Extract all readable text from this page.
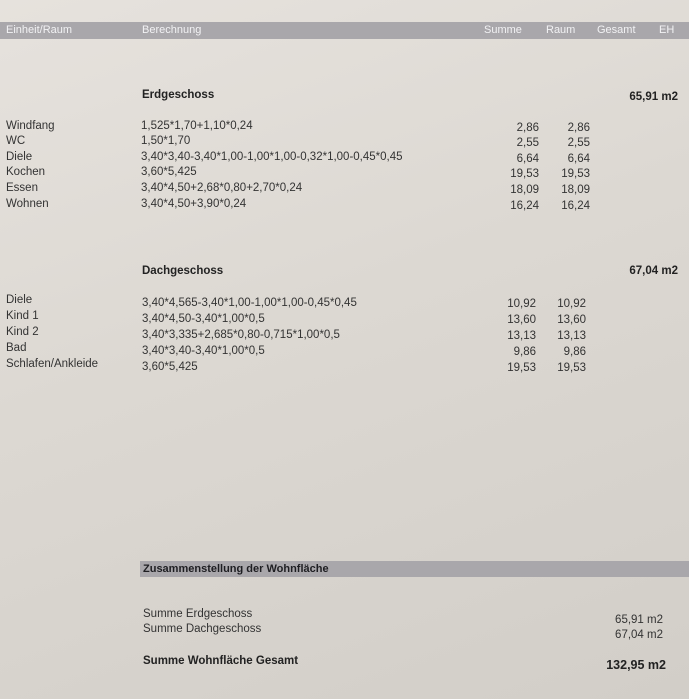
Einheit/Raum	Berechnung	Summe Raum Gesamt EH
Erdgeschoss	65,91 m2
Windfang	1,525*1,70+1,10*0,24	2,86	2,86
WC	1,50*1,70	2,55	2,55
Diele	3,40*3,40-3,40*1,00-1,00*1,00-0,32*1,00-0,45*0,45	6,64	6,64
Kochen	3,60*5,425	19,53	19,53
Essen	3,40*4,50+2,68*0,80+2,70*0,24	18,09	18,09
Wohnen	3,40*4,50+3,90*0,24	16,24	16,24
Dachgeschoss	67,04 m2
Diele	3,40*4,565-3,40*1,00-1,00*1,00-0,45*0,45	10,92	10,92
Kind 1	3,40*4,50-3,40*1,00*0,5	13,60	13,60
Kind 2	3,40*3,335+2,685*0,80-0,715*1,00*0,5	13,13	13,13
Bad	3,40*3,40-3,40*1,00*0,5	9,86	9,86
Schlafen/Ankleide	3,60*5,425	19,53	19,53
Zusammenstellung der Wohnfläche
Summe Erdgeschoss	65,91 m2
Summe Dachgeschoss	67,04 m2
Summe Wohnfläche Gesamt	132,95 m2
